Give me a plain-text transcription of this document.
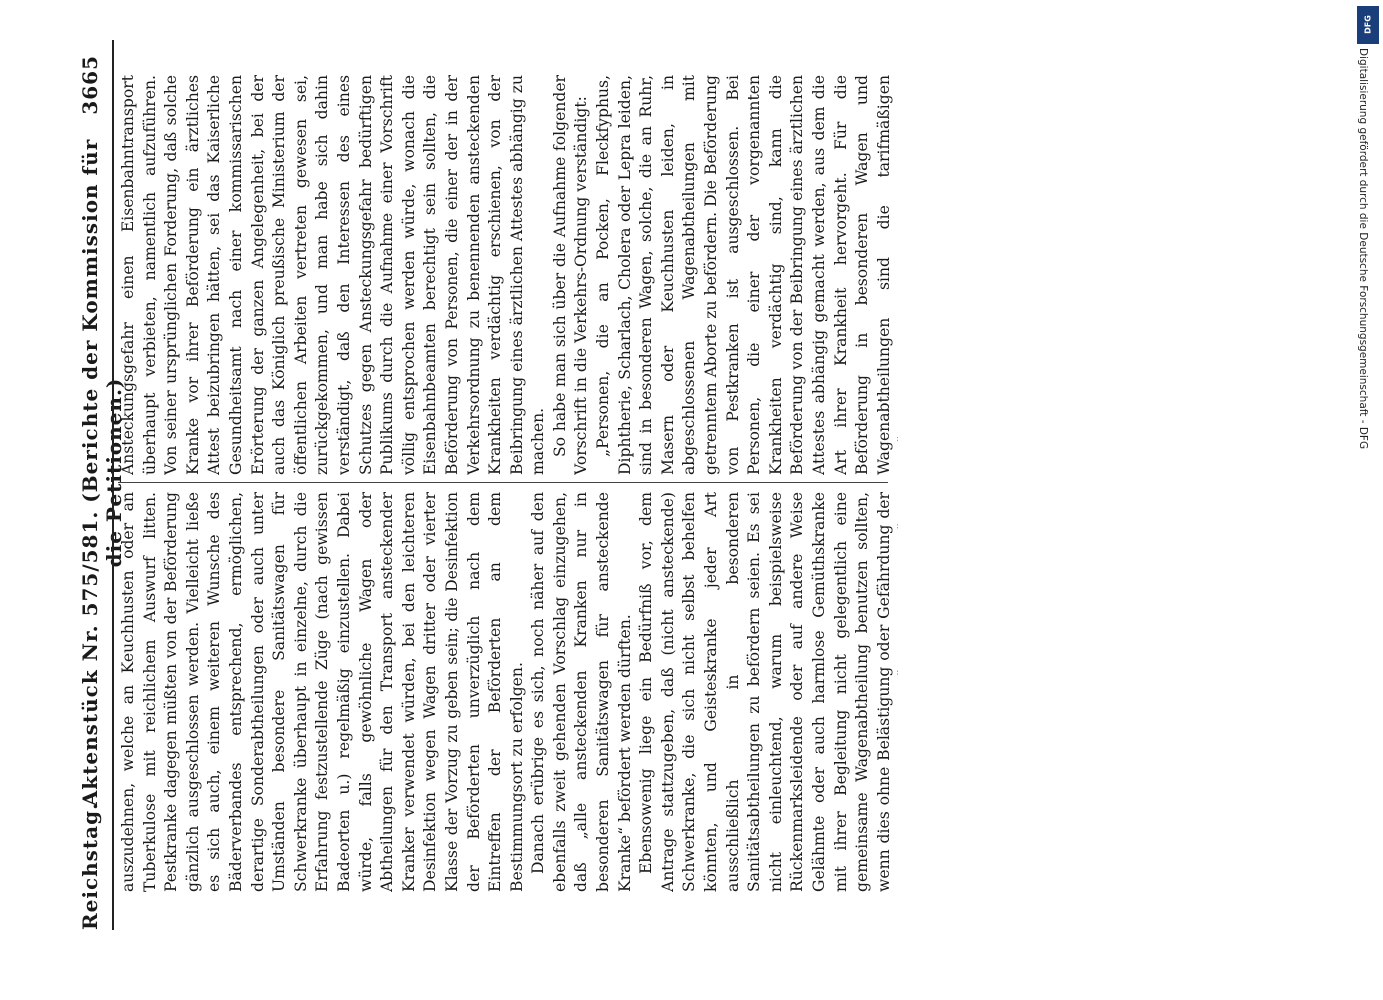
Reichstag.
Aktenstück Nr. 575/581. (Berichte der Kommission für die Petitionen.)
3665

auszudehnen, welche an Keuchhusten oder an Tuberkulose mit reichlichem Auswurf litten. Pestkranke dagegen müßten von der Beförderung gänzlich ausgeschlossen werden. Vielleicht ließe es sich auch, einem weiteren Wunsche des Bäderverbandes entsprechend, ermöglichen, derartige Sonderabtheilungen oder auch unter Umständen besondere Sanitätswagen für Schwerkranke überhaupt in einzelne, durch die Erfahrung festzustellende Züge (nach gewissen Badeorten u.) regelmäßig einzustellen. Dabei würde, falls gewöhnliche Wagen oder Abtheilungen für den Transport ansteckender Kranker verwendet würden, bei den leichteren Desinfektion wegen Wagen dritter oder vierter Klasse der Vorzug zu geben sein; die Desinfektion der Beförderten unverzüglich nach dem Eintreffen der Beförderten an dem Bestimmungsort zu erfolgen. Danach erübrige es sich, noch näher auf den ebenfalls zweit gehenden Vorschlag einzugehen, daß „alle ansteckenden Kranken nur in besonderen Sanitätswagen für ansteckende Kranke“ befördert werden dürften. Ebensowenig liege ein Bedürfniß vor, dem Antrage stattzugeben, daß (nicht ansteckende) Schwerkranke, die sich nicht selbst behelfen könnten, und Geisteskranke jeder Art ausschließlich in besonderen Sanitätsabtheilungen zu befördern seien. Es sei nicht einleuchtend, warum beispielsweise Rückenmarksleidende oder auf andere Weise Gelähmte oder auch harmlose Gemüthskranke mit ihrer Begleitung nicht gelegentlich eine gemeinsame Wagenabtheilung benutzen sollten, wenn dies ohne Belästigung oder Gefährdung der

Ansteckungsgefahr einen Eisenbahntransport überhaupt verbieten, namentlich aufzuführen. Von seiner ursprünglichen Forderung, daß solche Kranke vor ihrer Beförderung ein ärztliches Attest beizubringen hätten, sei das Kaiserliche Gesundheitsamt nach einer kommissarischen Erörterung der ganzen Angelegenheit, bei der auch das Königlich preußische Ministerium der öffentlichen Arbeiten vertreten gewesen sei, zurückgekommen, und man habe sich dahin verständigt, daß den Interessen des eines Schutzes gegen Ansteckungsgefahr bedürftigen Publikums durch die Aufnahme einer Vorschrift völlig entsprochen werden würde, wonach die Eisenbahnbeamten berechtigt sein sollten, die Beförderung von Personen, die einer der in der Verkehrsordnung zu benennenden ansteckenden Krankheiten verdächtig erschienen, von der Beibringung eines ärztlichen Attestes abhängig zu machen. So habe man sich über die Aufnahme folgender Vorschrift in die Verkehrs-Ordnung verständigt: „Personen, die an Pocken, Fleckfyphus, Diphtherie, Scharlach, Cholera oder Lepra leiden, sind in besonderen Wagen, solche, die an Ruhr, Masern oder Keuchhusten leiden, in abgeschlossenen Wagenabtheilungen mit getrenntem Aborte zu befördern. Die Beförderung von Pestkranken ist ausgeschlossen. Bei Personen, die einer der vorgenannten Krankheiten verdächtig sind, kann die Beförderung von der Beibringung eines ärztlichen Attestes abhängig gemacht werden, aus dem die Art ihrer Krankheit hervorgeht. Für die Beförderung in besonderen Wagen und Wagenabtheilungen sind die tarifmäßigen

DFG
Digitalisierung gefördert durch die Deutsche Forschungsgemeinschaft - DFG
